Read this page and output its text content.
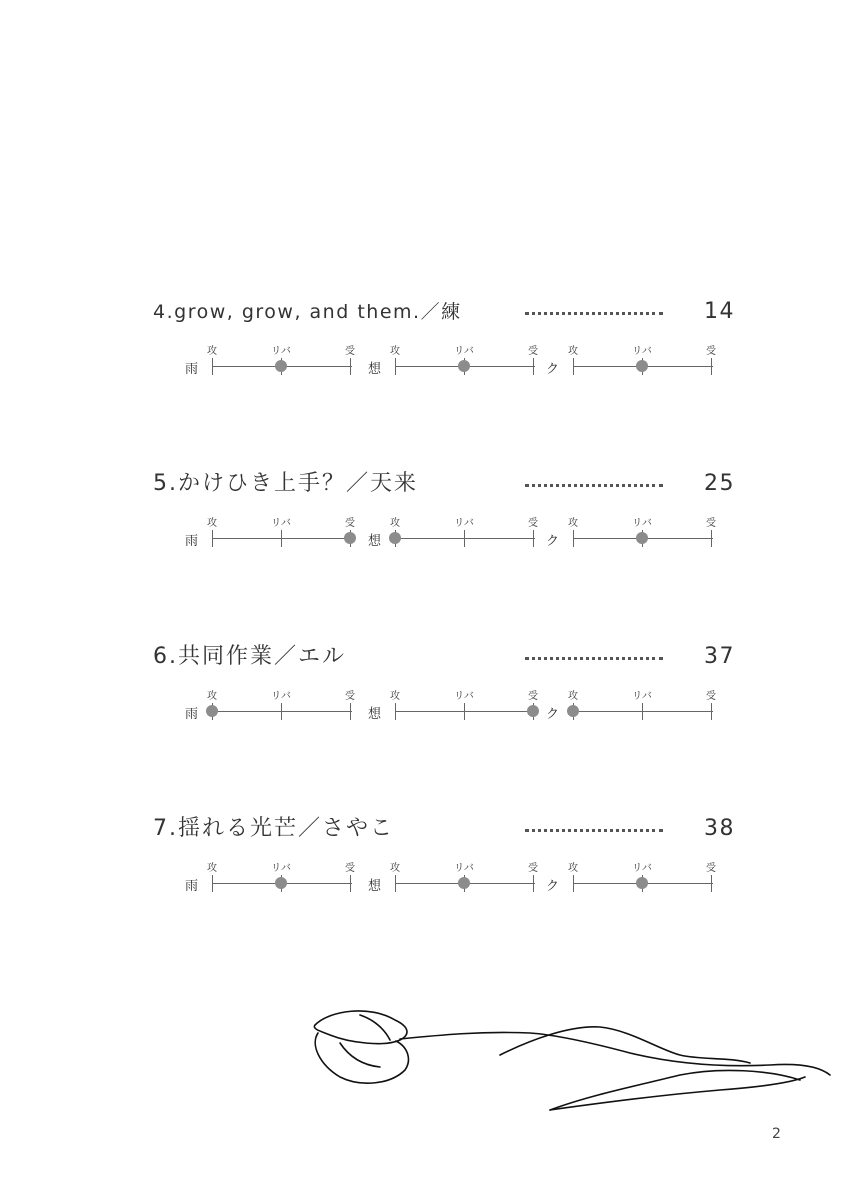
4.grow, grow, and them.／練	14
雨
攻	リバ	受
想
攻	リバ	受
ク
攻	リバ	受
5.かけひき上手？／天来	25
雨
攻	リバ	受
想
攻	リバ	受
ク
攻	リバ	受
6.共同作業／エル	37
雨
攻	リバ	受
想
攻	リバ	受
ク
攻	リバ	受
7.揺れる光芒／さやこ	38
雨
攻	リバ	受
想
攻	リバ	受
ク
攻	リバ	受
2
